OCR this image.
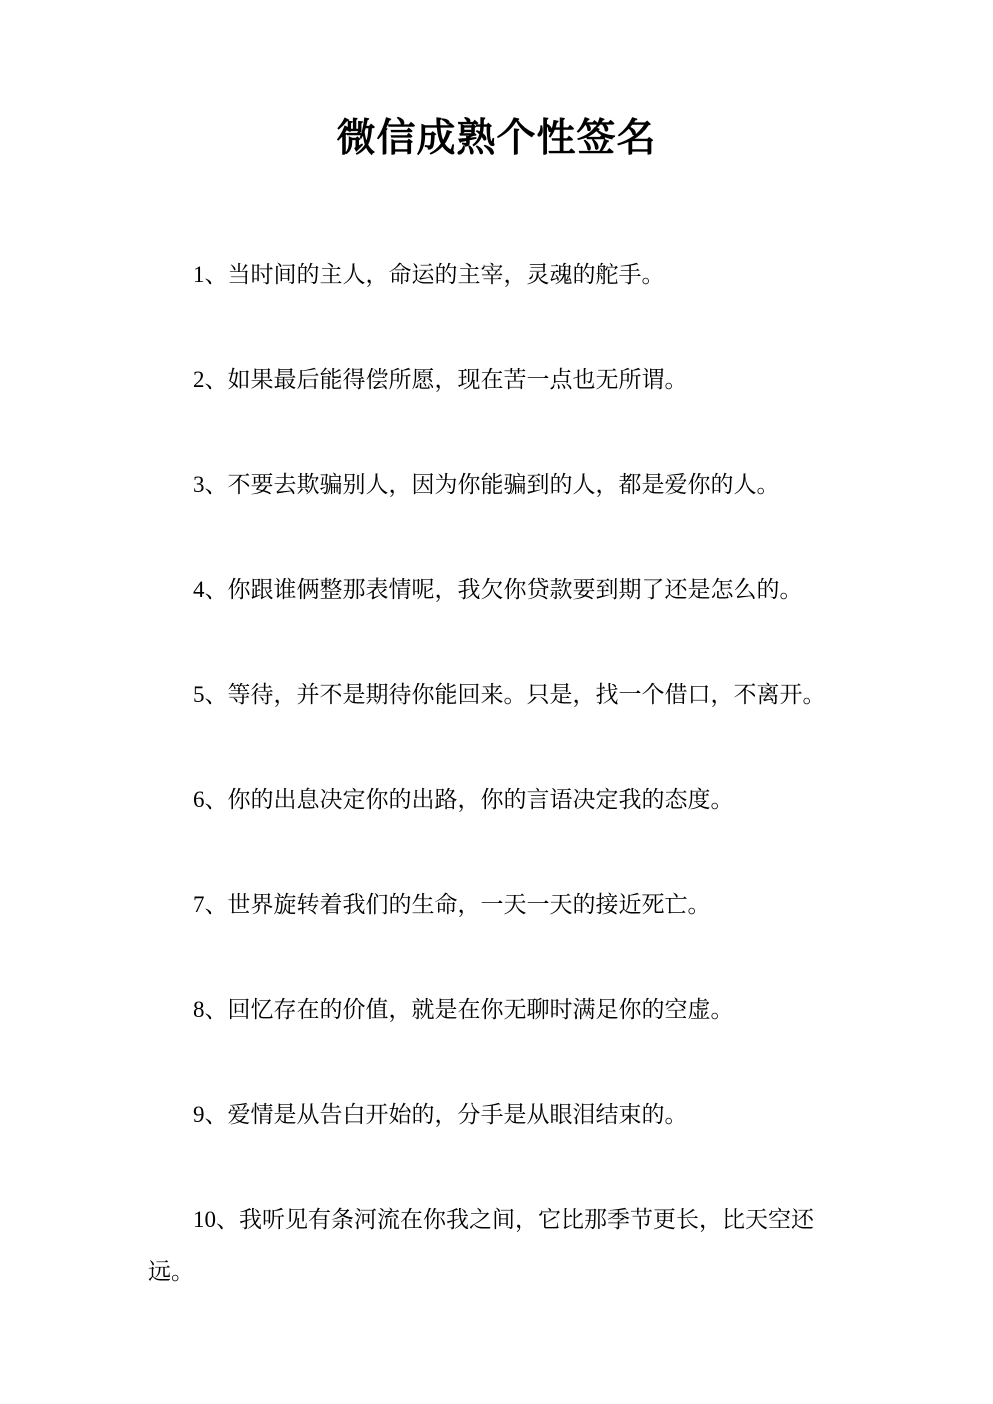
微信成熟个性签名

1、当时间的主人，命运的主宰，灵魂的舵手。

2、如果最后能得偿所愿，现在苦一点也无所谓。

3、不要去欺骗别人，因为你能骗到的人，都是爱你的人。

4、你跟谁俩整那表情呢，我欠你贷款要到期了还是怎么的。

5、等待，并不是期待你能回来。只是，找一个借口，不离开。

6、你的出息决定你的出路，你的言语决定我的态度。

7、世界旋转着我们的生命，一天一天的接近死亡。

8、回忆存在的价值，就是在你无聊时满足你的空虚。

9、爱情是从告白开始的，分手是从眼泪结束的。

10、我听见有条河流在你我之间，它比那季节更长，比天空还远。
